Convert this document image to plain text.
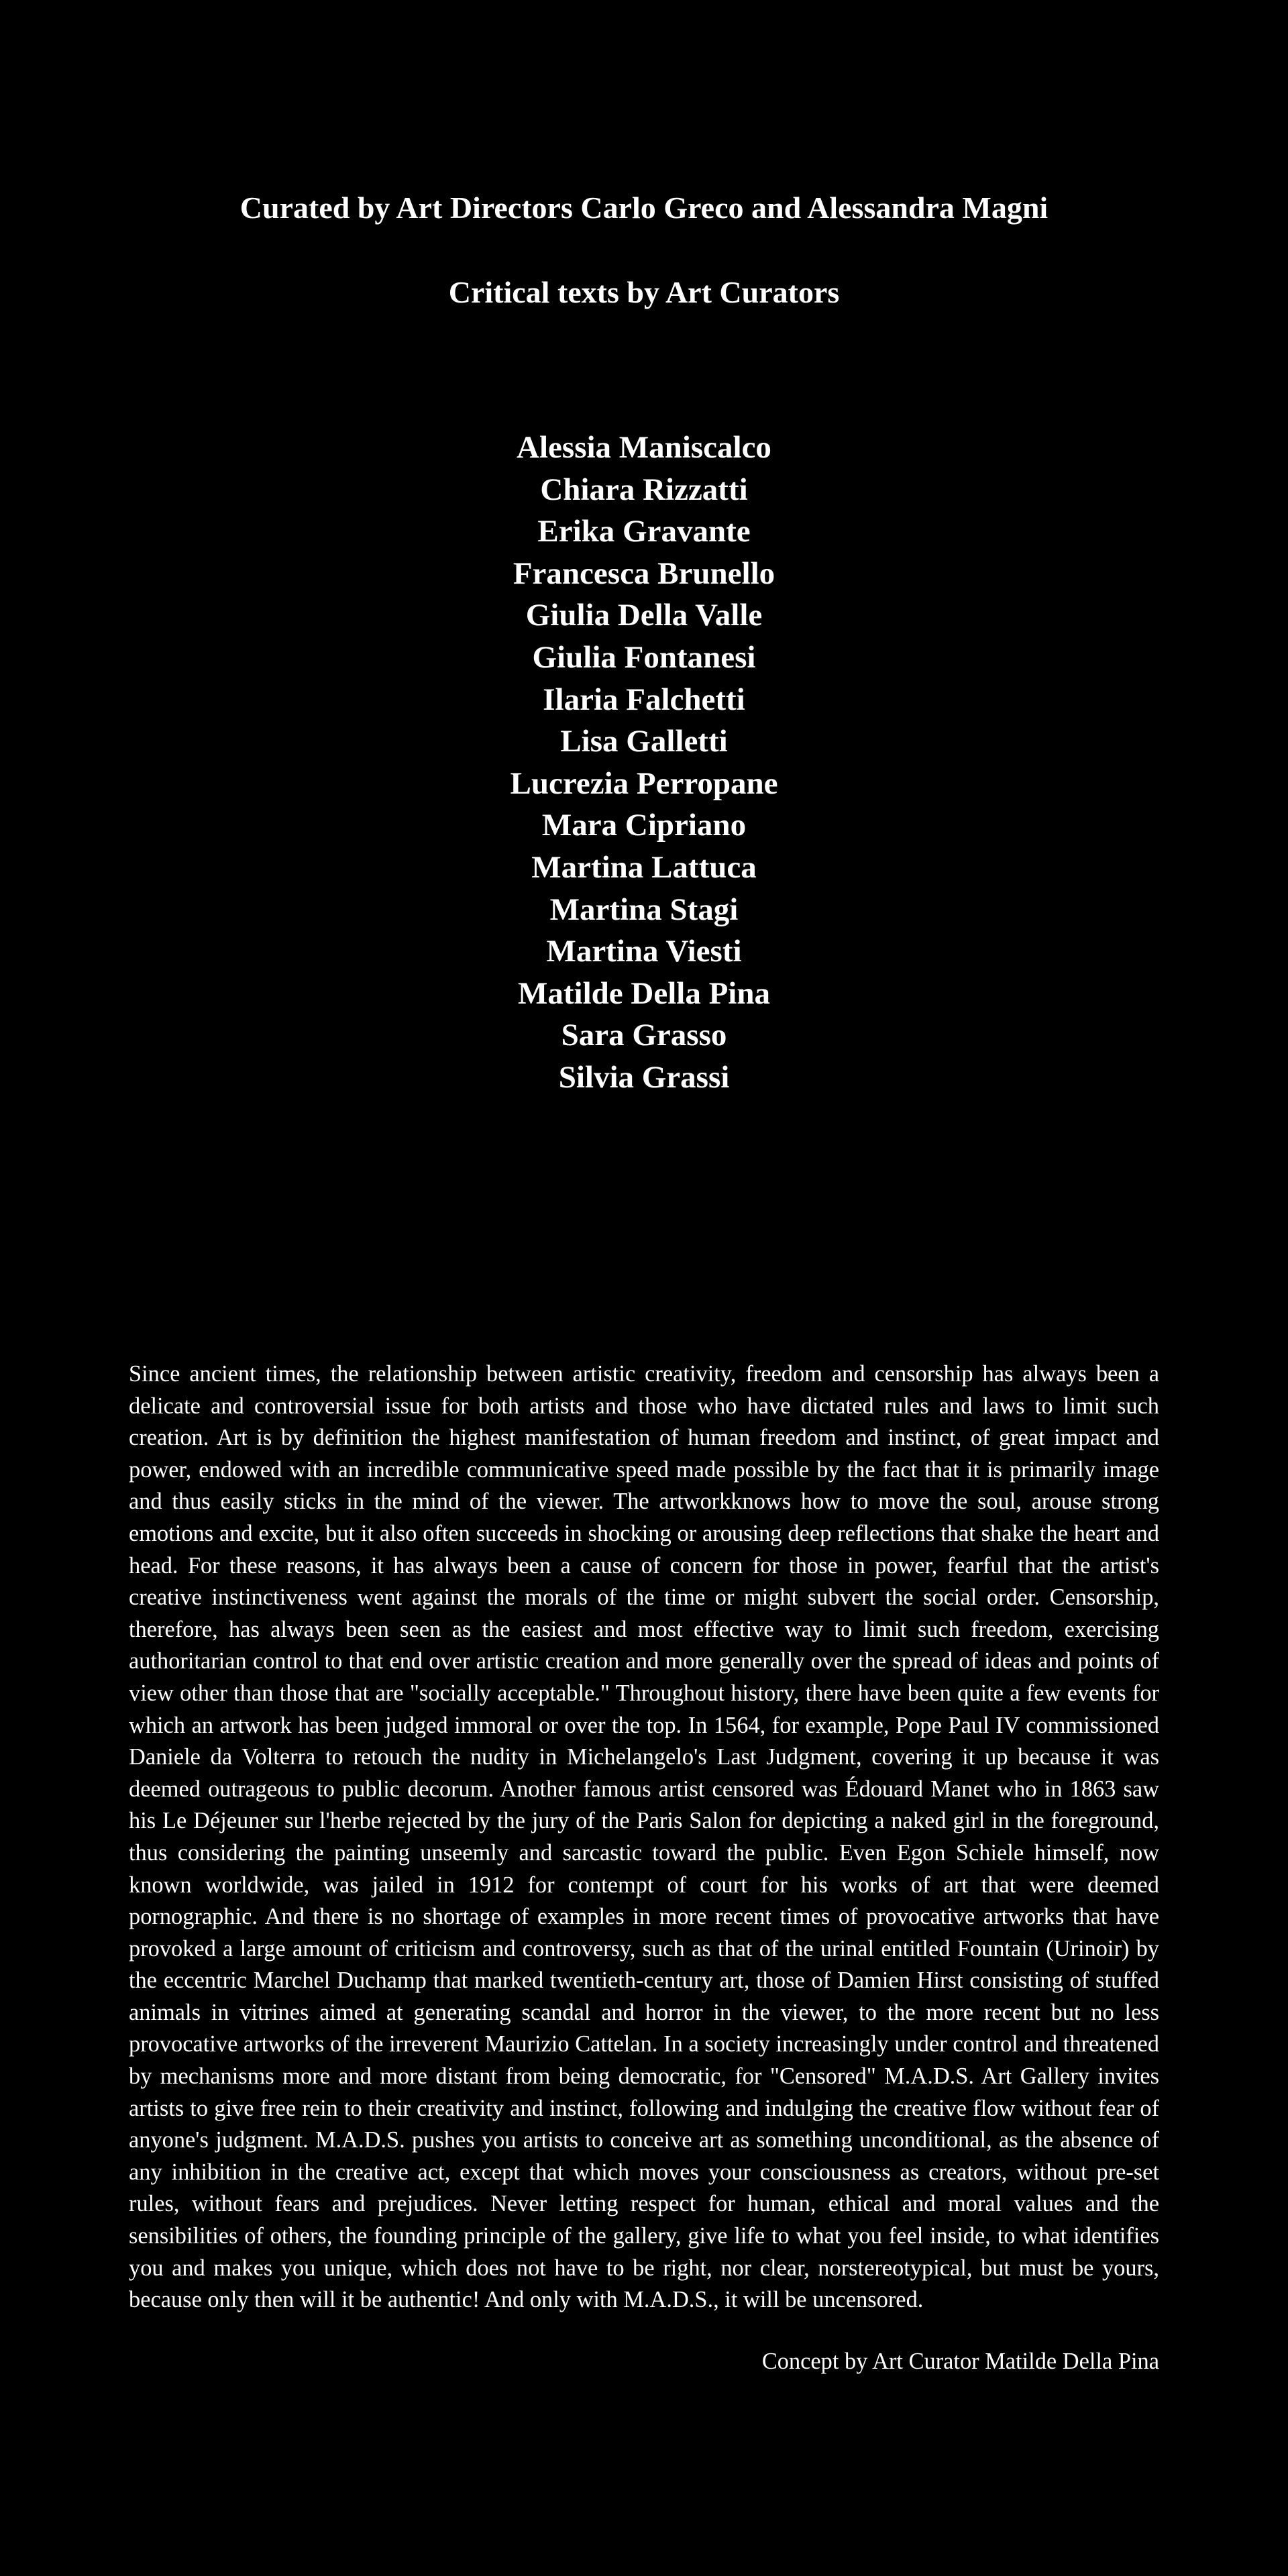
Curated by Art Directors Carlo Greco and Alessandra Magni
Critical texts by Art Curators
Alessia Maniscalco
Chiara Rizzatti
Erika Gravante
Francesca Brunello
Giulia Della Valle
Giulia Fontanesi
Ilaria Falchetti
Lisa Galletti
Lucrezia Perropane
Mara Cipriano
Martina Lattuca
Martina Stagi
Martina Viesti
Matilde Della Pina
Sara Grasso
Silvia Grassi

Since ancient times, the relationship between artistic creativity, freedom and censorship has always been a delicate and controversial issue for both artists and those who have dictated rules and laws to limit such creation. Art is by definition the highest manifestation of human freedom and instinct, of great impact and power, endowed with an incredible communicative speed made possible by the fact that it is primarily image and thus easily sticks in the mind of the viewer. The artworkknows how to move the soul, arouse strong emotions and excite, but it also often succeeds in shocking or arousing deep reflections that shake the heart and head. For these reasons, it has always been a cause of concern for those in power, fearful that the artist's creative instinctiveness went against the morals of the time or might subvert the social order. Censorship, therefore, has always been seen as the easiest and most effective way to limit such freedom, exercising authoritarian control to that end over artistic creation and more generally over the spread of ideas and points of view other than those that are "socially acceptable." Throughout history, there have been quite a few events for which an artwork has been judged immoral or over the top. In 1564, for example, Pope Paul IV commissioned Daniele da Volterra to retouch the nudity in Michelangelo's Last Judgment, covering it up because it was deemed outrageous to public decorum. Another famous artist censored was Édouard Manet who in 1863 saw his Le Déjeuner sur l'herbe rejected by the jury of the Paris Salon for depicting a naked girl in the foreground, thus considering the painting unseemly and sarcastic toward the public. Even Egon Schiele himself, now known worldwide, was jailed in 1912 for contempt of court for his works of art that were deemed pornographic. And there is no shortage of examples in more recent times of provocative artworks that have provoked a large amount of criticism and controversy, such as that of the urinal entitled Fountain (Urinoir) by the eccentric Marchel Duchamp that marked twentieth-century art, those of Damien Hirst consisting of stuffed animals in vitrines aimed at generating scandal and horror in the viewer, to the more recent but no less provocative artworks of the irreverent Maurizio Cattelan. In a society increasingly under control and threatened by mechanisms more and more distant from being democratic, for "Censored" M.A.D.S. Art Gallery invites artists to give free rein to their creativity and instinct, following and indulging the creative flow without fear of anyone's judgment. M.A.D.S. pushes you artists to conceive art as something unconditional, as the absence of any inhibition in the creative act, except that which moves your consciousness as creators, without pre-set rules, without fears and prejudices. Never letting respect for human, ethical and moral values and the sensibilities of others, the founding principle of the gallery, give life to what you feel inside, to what identifies you and makes you unique, which does not have to be right, nor clear, norstereotypical, but must be yours, because only then will it be authentic! And only with M.A.D.S., it will be uncensored.

Concept by Art Curator Matilde Della Pina
